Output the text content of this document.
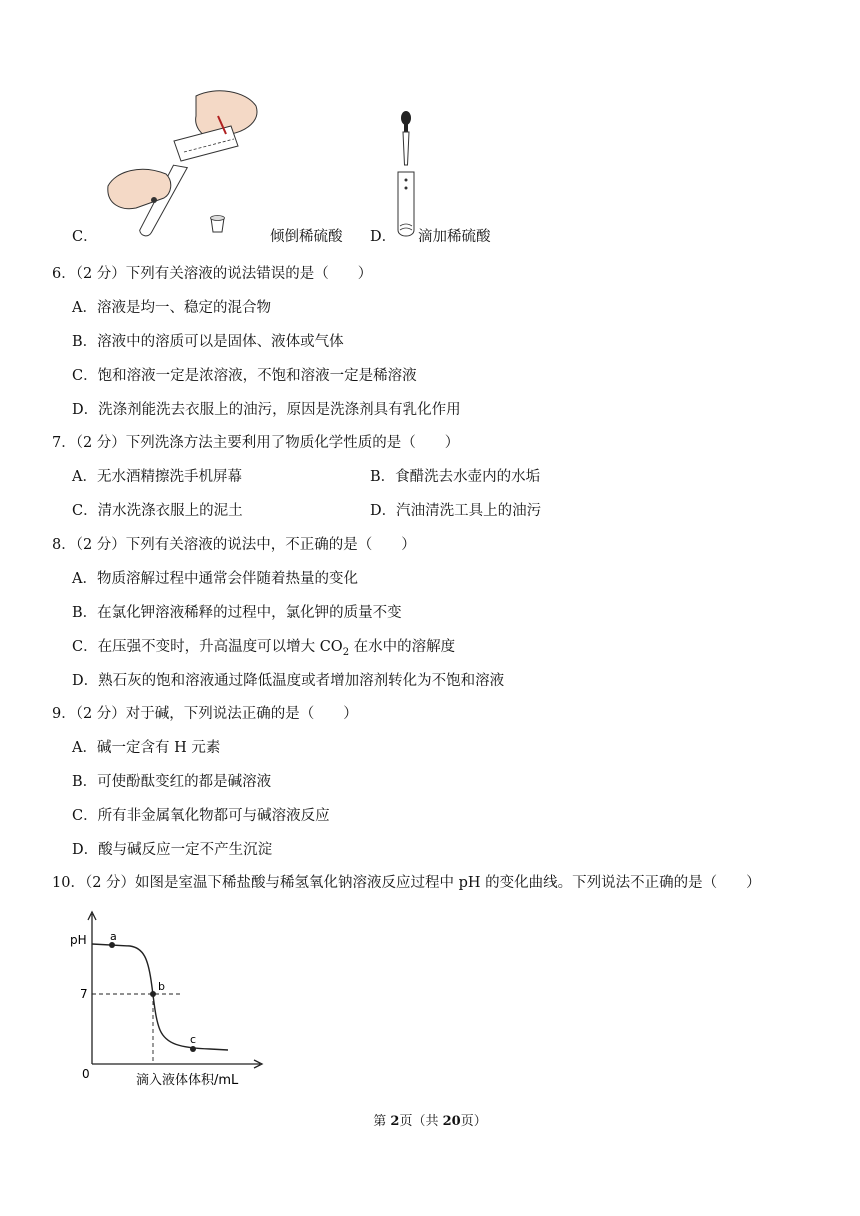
C．	倾倒稀硫酸 D． 滴加稀硫酸
6．（2 分）下列有关溶液的说法错误的是（　　）
A．溶液是均一、稳定的混合物
B．溶液中的溶质可以是固体、液体或气体
C．饱和溶液一定是浓溶液，不饱和溶液一定是稀溶液
D．洗涤剂能洗去衣服上的油污，原因是洗涤剂具有乳化作用
7．（2 分）下列洗涤方法主要利用了物质化学性质的是（　　）
A．无水酒精擦洗手机屏幕	B．食醋洗去水壶内的水垢
C．清水洗涤衣服上的泥土	D．汽油清洗工具上的油污
8．（2 分）下列有关溶液的说法中，不正确的是（　　）
A．物质溶解过程中通常会伴随着热量的变化
B．在氯化钾溶液稀释的过程中，氯化钾的质量不变
C．在压强不变时，升高温度可以增大 $CO_2$ 在水中的溶解度
D．熟石灰的饱和溶液通过降低温度或者增加溶剂转化为不饱和溶液
9．（2 分）对于碱，下列说法正确的是（　　）
A．碱一定含有 H 元素
B．可使酚酞变红的都是碱溶液
C．所有非金属氧化物都可与碱溶液反应
D．酸与碱反应一定不产生沉淀
10．（2 分）如图是室温下稀盐酸与稀氢氧化钠溶液反应过程中 pH 的变化曲线。下列说法不正确的是（　　）
a
b
c
pH
7
0	滴入液体体积/mL
第 2页（共 20页）
